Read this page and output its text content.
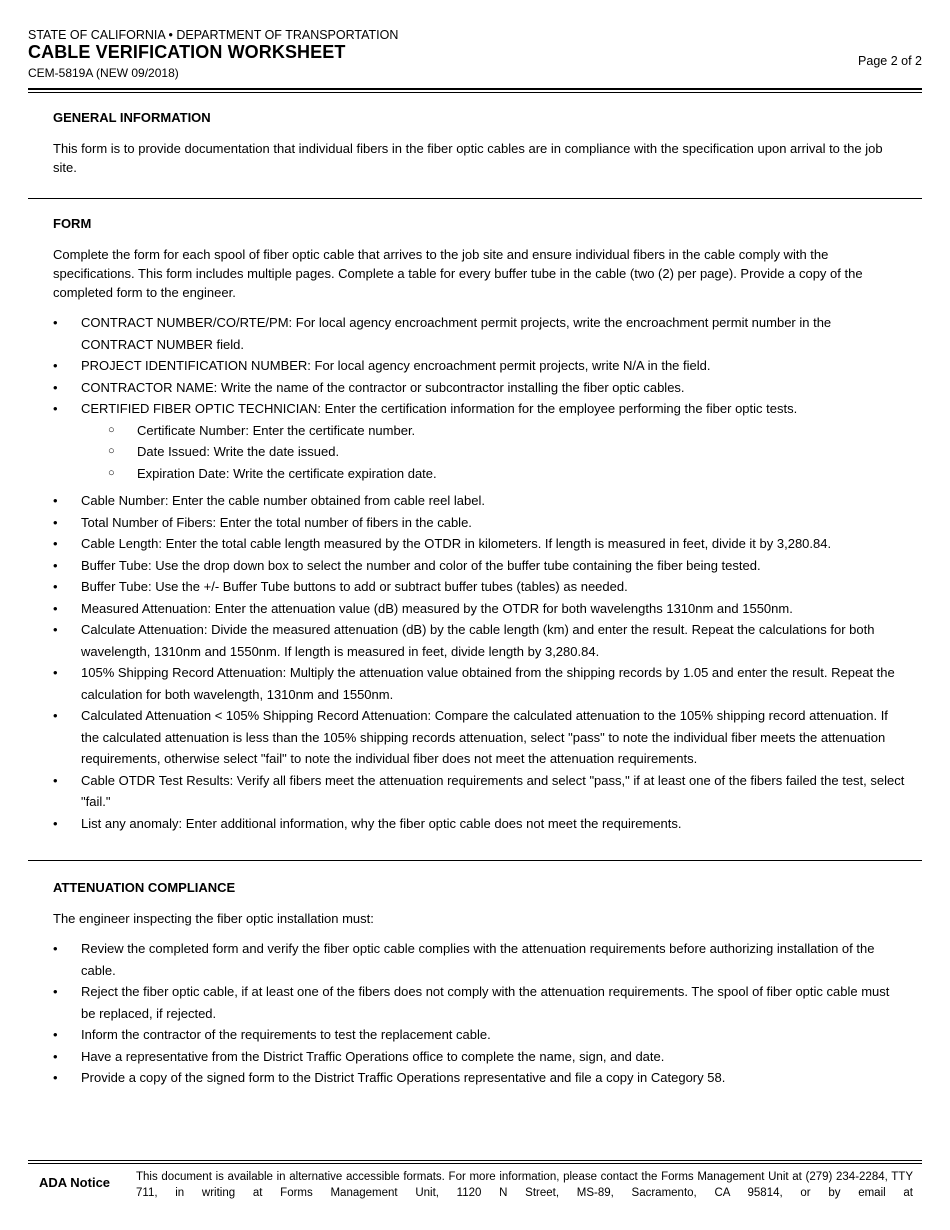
STATE OF CALIFORNIA • DEPARTMENT OF TRANSPORTATION
CABLE VERIFICATION WORKSHEET
CEM-5819A (NEW 09/2018)
Page 2 of 2

GENERAL INFORMATION

This form is to provide documentation that individual fibers in the fiber optic cables are in compliance with the specification upon arrival to the job site.

FORM

Complete the form for each spool of fiber optic cable that arrives to the job site and ensure individual fibers in the cable comply with the specifications. This form includes multiple pages. Complete a table for every buffer tube in the cable (two (2) per page). Provide a copy of the completed form to the engineer.

• CONTRACT NUMBER/CO/RTE/PM: For local agency encroachment permit projects, write the encroachment permit number in the CONTRACT NUMBER field.
• PROJECT IDENTIFICATION NUMBER: For local agency encroachment permit projects, write N/A in the field.
• CONTRACTOR NAME: Write the name of the contractor or subcontractor installing the fiber optic cables.
• CERTIFIED FIBER OPTIC TECHNICIAN: Enter the certification information for the employee performing the fiber optic tests.
○ Certificate Number: Enter the certificate number.
○ Date Issued: Write the date issued.
○ Expiration Date: Write the certificate expiration date.
• Cable Number: Enter the cable number obtained from cable reel label.
• Total Number of Fibers: Enter the total number of fibers in the cable.
• Cable Length: Enter the total cable length measured by the OTDR in kilometers. If length is measured in feet, divide it by 3,280.84.
• Buffer Tube: Use the drop down box to select the number and color of the buffer tube containing the fiber being tested.
• Buffer Tube: Use the +/- Buffer Tube buttons to add or subtract buffer tubes (tables) as needed.
• Measured Attenuation: Enter the attenuation value (dB) measured by the OTDR for both wavelengths 1310nm and 1550nm.
• Calculate Attenuation: Divide the measured attenuation (dB) by the cable length (km) and enter the result. Repeat the calculations for both wavelength, 1310nm and 1550nm. If length is measured in feet, divide length by 3,280.84.
• 105% Shipping Record Attenuation: Multiply the attenuation value obtained from the shipping records by 1.05 and enter the result. Repeat the calculation for both wavelength, 1310nm and 1550nm.
• Calculated Attenuation < 105% Shipping Record Attenuation: Compare the calculated attenuation to the 105% shipping record attenuation. If the calculated attenuation is less than the 105% shipping records attenuation, select "pass" to note the individual fiber meets the attenuation requirements, otherwise select "fail" to note the individual fiber does not meet the attenuation requirements.
• Cable OTDR Test Results: Verify all fibers meet the attenuation requirements and select "pass," if at least one of the fibers failed the test, select "fail."
• List any anomaly: Enter additional information, why the fiber optic cable does not meet the requirements.

ATTENUATION COMPLIANCE

The engineer inspecting the fiber optic installation must:

• Review the completed form and verify the fiber optic cable complies with the attenuation requirements before authorizing installation of the cable.
• Reject the fiber optic cable, if at least one of the fibers does not comply with the attenuation requirements. The spool of fiber optic cable must be replaced, if rejected.
• Inform the contractor of the requirements to test the replacement cable.
• Have a representative from the District Traffic Operations office to complete the name, sign, and date.
• Provide a copy of the signed form to the District Traffic Operations representative and file a copy in Category 58.
ADA Notice This document is available in alternative accessible formats. For more information, please contact the Forms Management Unit at (279) 234-2284, TTY 711, in writing at Forms Management Unit, 1120 N Street, MS-89, Sacramento, CA 95814, or by email at
